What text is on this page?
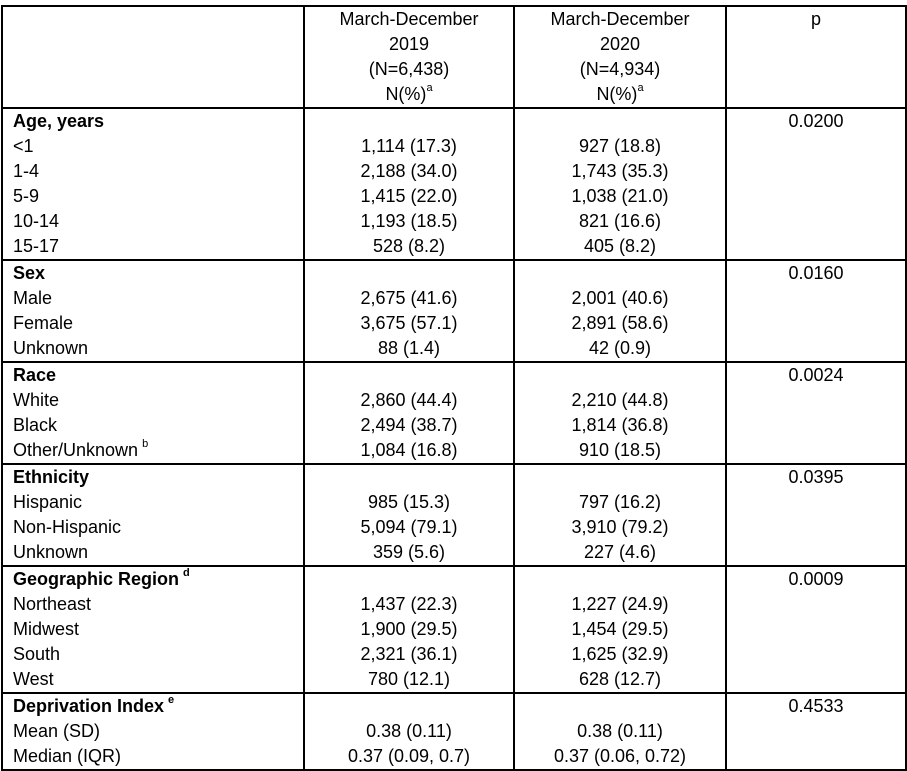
	March-December
2019
(N=6,438)
N(%)$^a$	March-December
2020
(N=4,934)
N(%)$^a$	p
Age, years			0.0200
<1	1,114 (17.3)	927 (18.8)	
1-4	2,188 (34.0)	1,743 (35.3)	
5-9	1,415 (22.0)	1,038 (21.0)	
10-14	1,193 (18.5)	821 (16.6)	
15-17	528 (8.2)	405 (8.2)	
Sex			0.0160
Male	2,675 (41.6)	2,001 (40.6)	
Female	3,675 (57.1)	2,891 (58.6)	
Unknown	88 (1.4)	42 (0.9)	
Race			0.0024
White	2,860 (44.4)	2,210 (44.8)	
Black	2,494 (38.7)	1,814 (36.8)	
Other/Unknown $^b$	1,084 (16.8)	910 (18.5)	
Ethnicity			0.0395
Hispanic	985 (15.3)	797 (16.2)	
Non-Hispanic	5,094 (79.1)	3,910 (79.2)	
Unknown	359 (5.6)	227 (4.6)	
Geographic Region $^d$			0.0009
Northeast	1,437 (22.3)	1,227 (24.9)	
Midwest	1,900 (29.5)	1,454 (29.5)	
South	2,321 (36.1)	1,625 (32.9)	
West	780 (12.1)	628 (12.7)	
Deprivation Index $^e$			0.4533
Mean (SD)	0.38 (0.11)	0.38 (0.11)	
Median (IQR)	0.37 (0.09, 0.7)	0.37 (0.06, 0.72)	
